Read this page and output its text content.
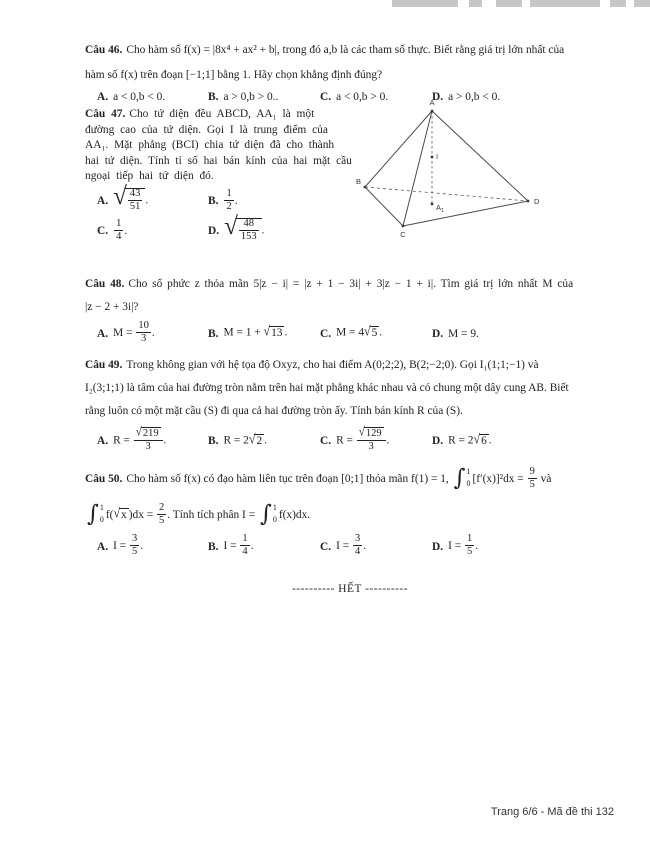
Câu 46. Cho hàm số f(x) = |8x⁴ + ax² + b|, trong đó a,b là các tham số thực. Biết rằng giá trị lớn nhất của

hàm số f(x) trên đoạn [−1;1] bằng 1. Hãy chọn khẳng định đúng?

A. a < 0,b < 0.	B. a > 0,b > 0..	C. a < 0,b > 0.	D. a > 0,b < 0.

Câu 47. Cho tứ diện đều ABCD, AA₁ là một

đường cao của tứ diện. Gọi I là trung điểm của

AA₁. Mặt phẳng (BCI) chia tứ diện đã cho thành

hai tứ diện. Tính tỉ số hai bán kính của hai mặt cầu

ngoại tiếp hai tứ diện đó.

A. √ $\frac{43}{51}$ .	B. $\frac{1}{2}$ .
C. $\frac{1}{4}$ .	D. √ $\frac{48}{153}$ .

Câu 48. Cho số phức z thỏa mãn 5|z − i| = |z + 1 − 3i| + 3|z − 1 + i|. Tìm giá trị lớn nhất M của

|z − 2 + 3i|?

A. $M = \frac{10}{3}$ .	B. M = 1 + √ 13 .	C. M = 4 √ 5 .	D. M = 9.

Câu 49. Trong không gian với hệ tọa độ Oxyz, cho hai điểm A(0;2;2), B(2;−2;0). Gọi I₁(1;1;−1) và

I₂(3;1;1) là tâm của hai đường tròn nằm trên hai mặt phẳng khác nhau và có chung một dây cung AB. Biết

rằng luôn có một mặt cầu (S) đi qua cả hai đường tròn ấy. Tính bán kính R của (S).

A. $R = \frac{√ 219}{3}$ .	B. R = 2 √ 2 .	C. $R = \frac{√ 129}{3}$ .	D. R = 2 √ 6 .

Câu 50. Cho hàm số f(x) có đạo hàm liên tục trên đoạn [0;1] thỏa mãn f(1) = 1, ∫ 1
0 $[f'(x)]^2dx = \frac{9}{5}$ và

∫ 1
0 f( √ x )$dx = \frac{2}{5}$ . Tính tích phân I = ∫ 1
0 f(x)dx.

A. $I = \frac{3}{5}$ .	B. $I = \frac{1}{4}$ .	C. $I = \frac{3}{4}$ .	D. $I = \frac{1}{5}$ .

---------- HẾT ----------

A
B
C
D
I
$A_1$
Trang 6/6 - Mã đề thi 132
